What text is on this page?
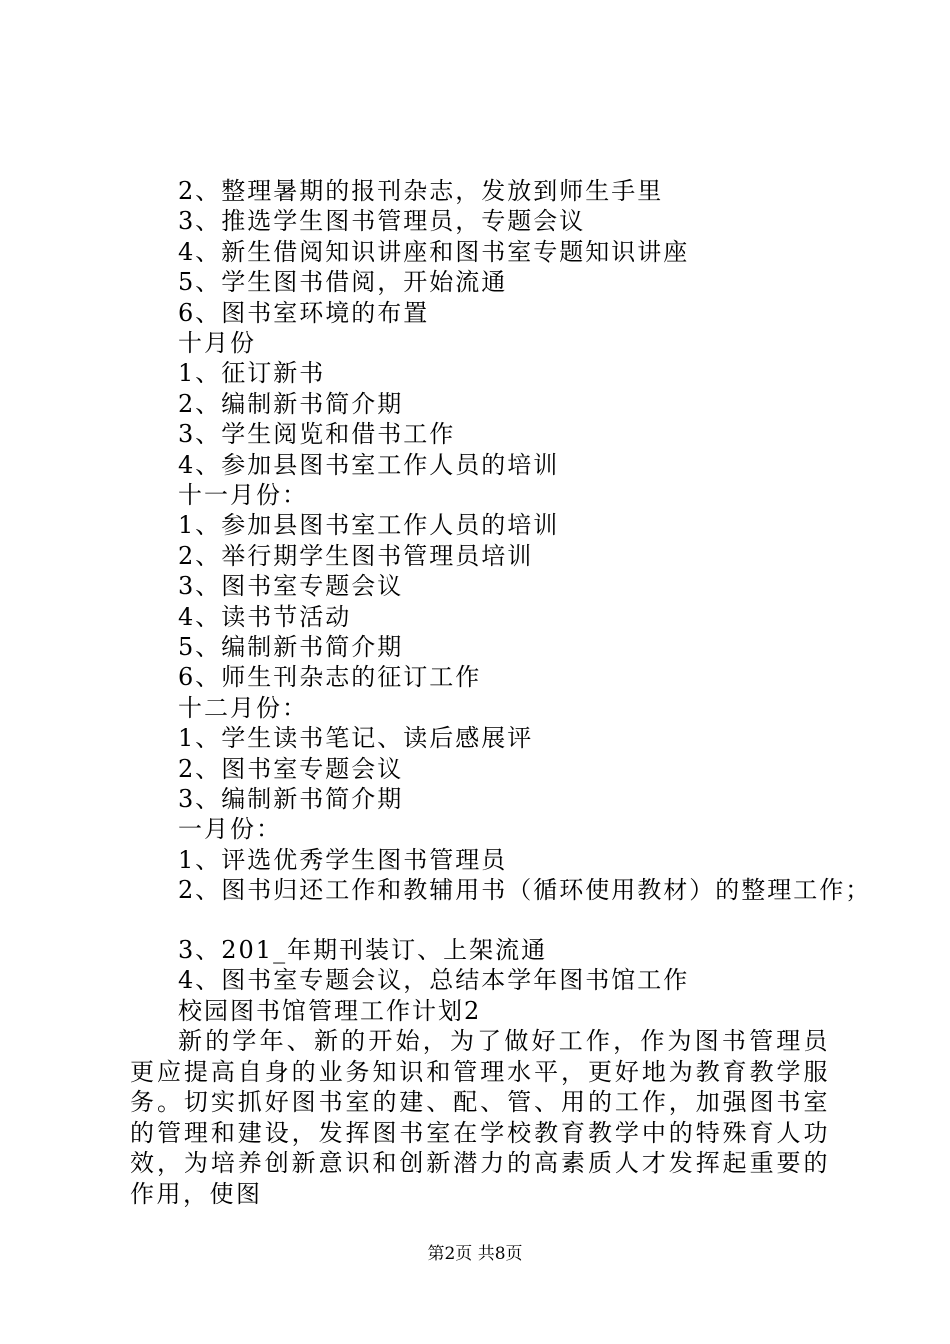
2、整理暑期的报刊杂志，发放到师生手里
3、推选学生图书管理员，专题会议
4、新生借阅知识讲座和图书室专题知识讲座
5、学生图书借阅，开始流通
6、图书室环境的布置
十月份
1、征订新书
2、编制新书简介期
3、学生阅览和借书工作
4、参加县图书室工作人员的培训
十一月份：
1、参加县图书室工作人员的培训
2、举行期学生图书管理员培训
3、图书室专题会议
4、读书节活动
5、编制新书简介期
6、师生刊杂志的征订工作
十二月份：
1、学生读书笔记、读后感展评
2、图书室专题会议
3、编制新书简介期
一月份：
1、评选优秀学生图书管理员
2、图书归还工作和教辅用书（循环使用教材）的整理工作；
3、201_年期刊装订、上架流通
4、图书室专题会议，总结本学年图书馆工作
校园图书馆管理工作计划2
新的学年、新的开始，为了做好工作，作为图书管理员更应提高自身的业务知识和管理水平，更好地为教育教学服务。切实抓好图书室的建、配、管、用的工作，加强图书室的管理和建设，发挥图书室在学校教育教学中的特殊育人功效，为培养创新意识和创新潜力的高素质人才发挥起重要的作用，使图
第2页 共8页
